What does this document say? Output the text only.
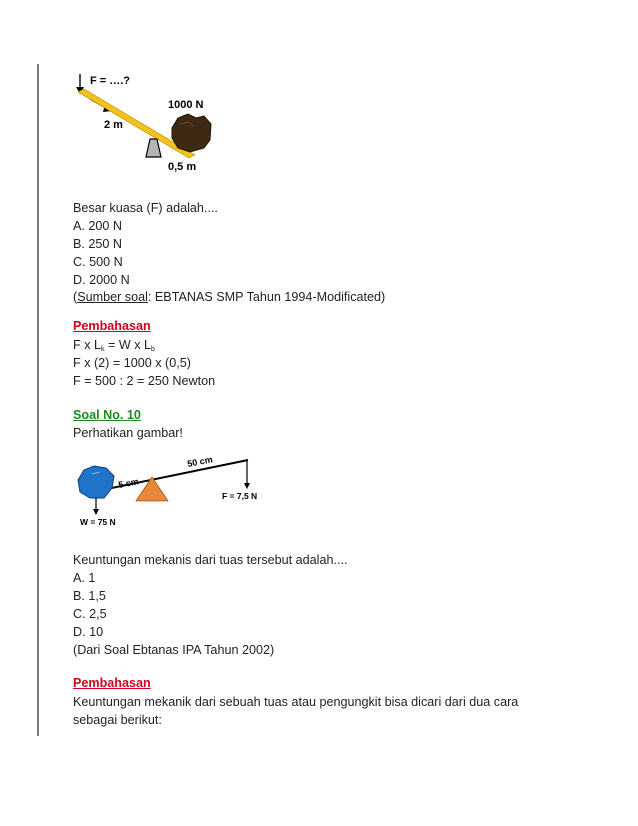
F = ….?
1000 N
2 m
0,5 m
Besar kuasa (F) adalah....
A. 200 N
B. 250 N
C. 500 N
D. 2000 N
(Sumber soal: EBTANAS SMP Tahun 1994-Modificated)
Pembahasan
F x $L_k = W$ x $L_b$
F x (2) = 1000 x (0,5)
F = 500 : 2 = 250 Newton
Soal No. 10
Perhatikan gambar!
50 cm
5 cm
F = 7,5 N
W = 75 N
Keuntungan mekanis dari tuas tersebut adalah....
A. 1
B. 1,5
C. 2,5
D. 10
(Dari Soal Ebtanas IPA Tahun 2002)
Pembahasan
Keuntungan mekanik dari sebuah tuas atau pengungkit bisa dicari dari dua cara
sebagai berikut:
